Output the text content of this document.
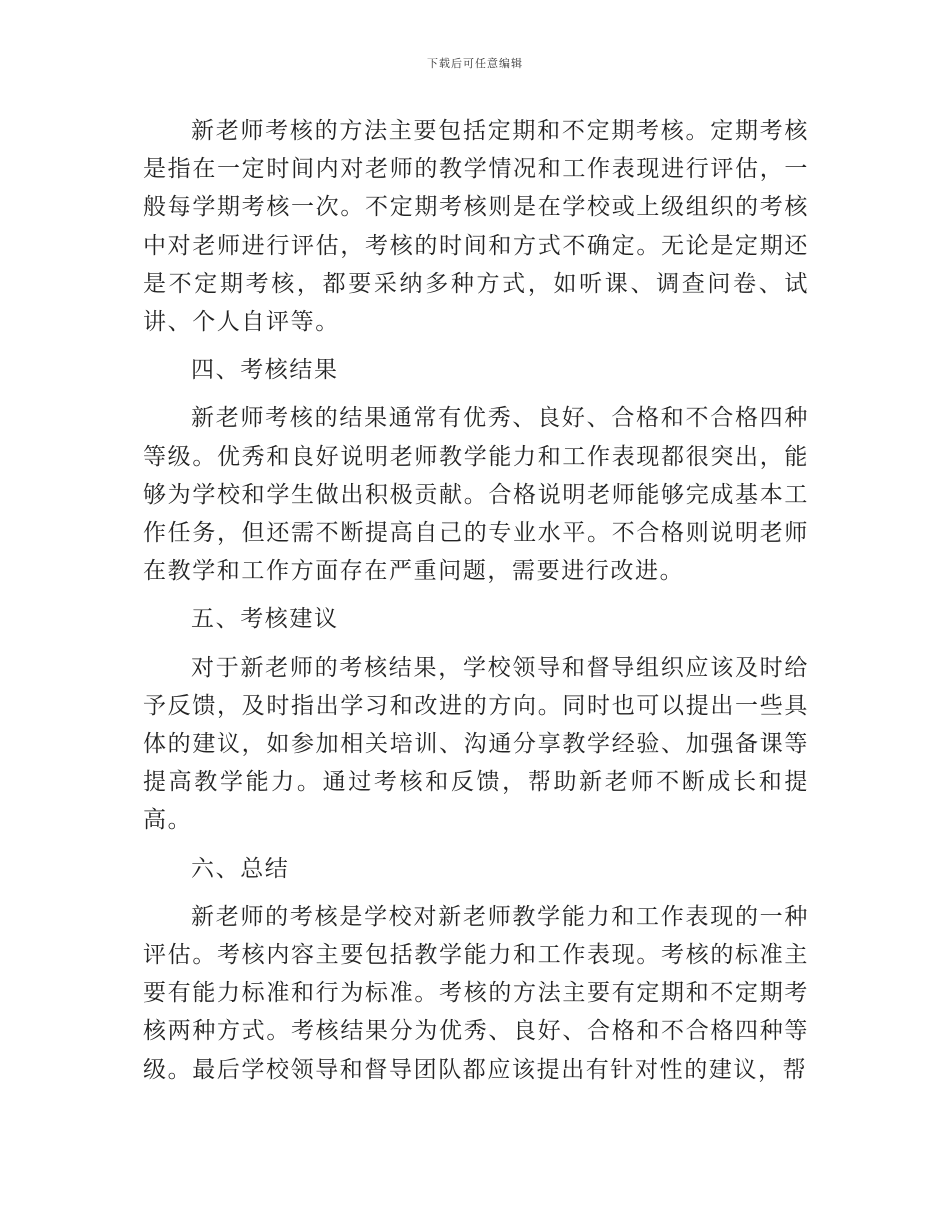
下载后可任意编辑

新老师考核的方法主要包括定期和不定期考核。定期考核是指在一定时间内对老师的教学情况和工作表现进行评估，一般每学期考核一次。不定期考核则是在学校或上级组织的考核中对老师进行评估，考核的时间和方式不确定。无论是定期还是不定期考核，都要采纳多种方式，如听课、调查问卷、试讲、个人自评等。

四、考核结果

新老师考核的结果通常有优秀、良好、合格和不合格四种等级。优秀和良好说明老师教学能力和工作表现都很突出，能够为学校和学生做出积极贡献。合格说明老师能够完成基本工作任务，但还需不断提高自己的专业水平。不合格则说明老师在教学和工作方面存在严重问题，需要进行改进。

五、考核建议

对于新老师的考核结果，学校领导和督导组织应该及时给予反馈，及时指出学习和改进的方向。同时也可以提出一些具体的建议，如参加相关培训、沟通分享教学经验、加强备课等提高教学能力。通过考核和反馈，帮助新老师不断成长和提高。

六、总结

新老师的考核是学校对新老师教学能力和工作表现的一种评估。考核内容主要包括教学能力和工作表现。考核的标准主要有能力标准和行为标准。考核的方法主要有定期和不定期考核两种方式。考核结果分为优秀、良好、合格和不合格四种等级。最后学校领导和督导团队都应该提出有针对性的建议，帮
